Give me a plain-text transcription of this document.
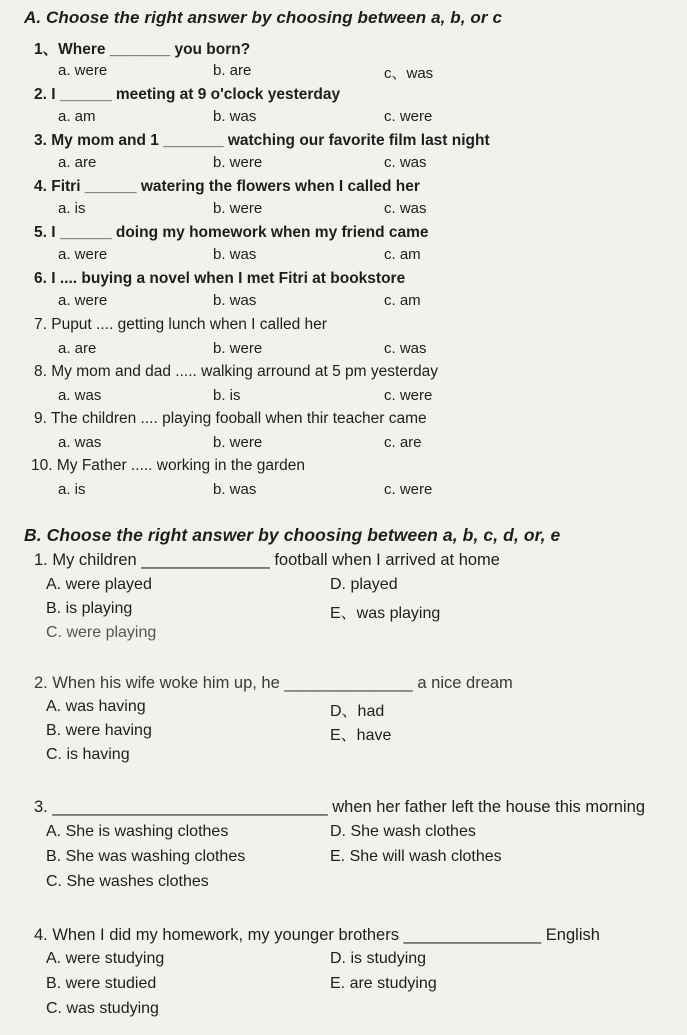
A. Choose the right answer by choosing between a, b, or c
1、Where _______ you born?
a. were	b. are	c、was
2. I ______ meeting at 9 o'clock yesterday
a. am	b. was	c. were
3. My mom and 1 _______ watching our favorite film last night
a. are	b. were	c. was
4. Fitri ______ watering the flowers when I called her
a. is	b. were	c. was
5. I ______ doing my homework when my friend came
a. were	b. was	c. am
6. I .... buying a novel when I met Fitri at bookstore
a. were	b. was	c. am
7. Puput .... getting lunch when I called her
a. are	b. were	c. was
8. My mom and dad ..... walking arround at 5 pm yesterday
a. was	b. is	c. were
9. The children .... playing fooball when thir teacher came
a. was	b. were	c. are
10. My Father ..... working in the garden
a. is	b. was	c. were
B. Choose the right answer by choosing between a, b, c, d, or, e
1. My children ______________ football when I arrived at home
A. were played	D. played
B. is playing	E、was playing
C. were playing
2. When his wife woke him up, he ______________ a nice dream
A. was having	D、had
B. were having	E、have
C. is having
3. ______________________________ when her father left the house this morning
A. She is washing clothes	D. She wash clothes
B. She was washing clothes	E. She will wash clothes
C. She washes clothes
4. When I did my homework, my younger brothers _______________ English
A. were studying	D. is studying
B. were studied	E. are studying
C. was studying
